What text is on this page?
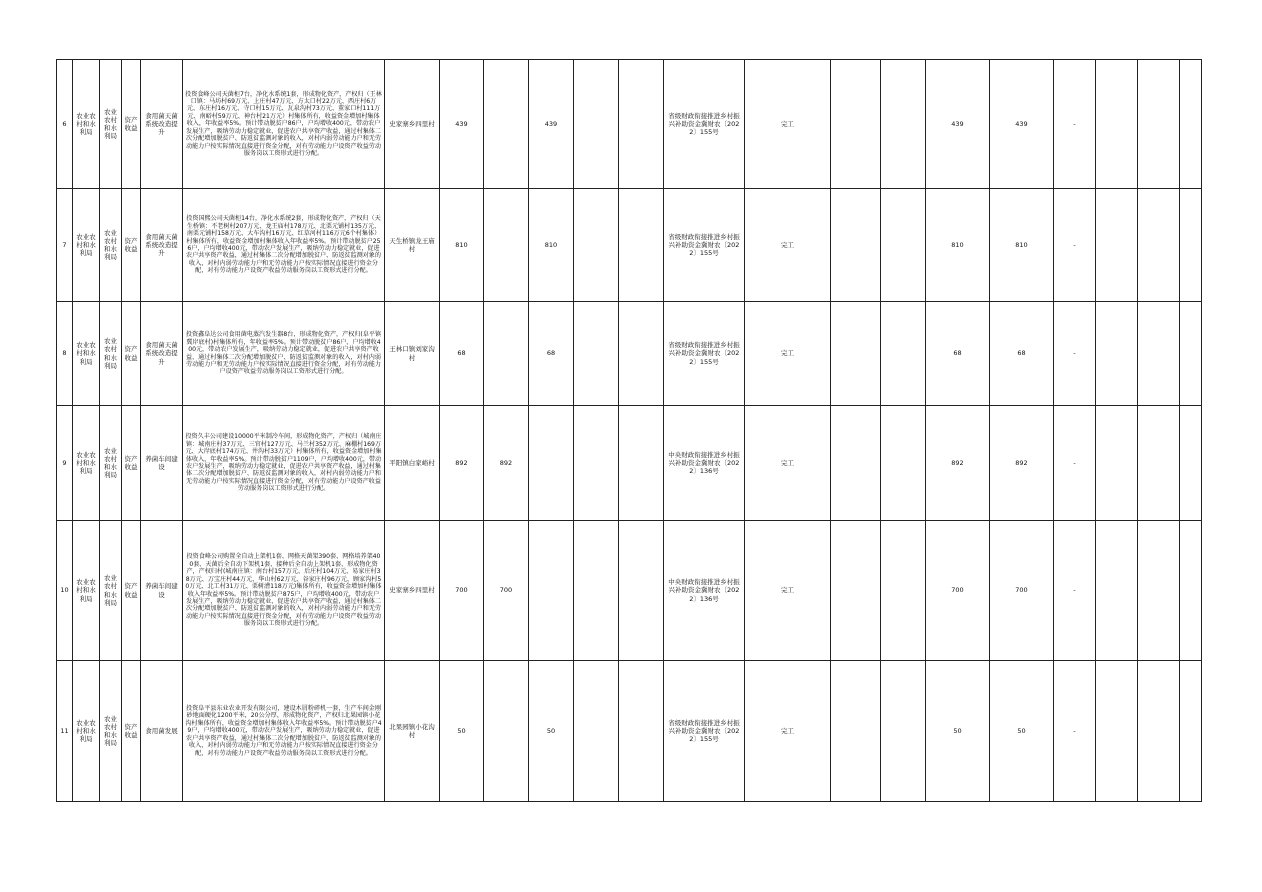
6	农业农村和水利局	农业农村和水利局	资产收益	食用菌天菌系统改造提升	投资食峰公司天菌柜7台，净化水系统1套，形成物化资产，产权归（王林口镇：马坊村69万元、上庄村47万元、方太口村22万元、西庄村6万元、东庄村16万元、寺口村15万元、瓦泉沟村73万元、董家口村111万元、南峪村59万元、神台村21万元）村集体所有，收益资金增加村集体收入，年收益率5%。预计带动脱贫户86户，户均增收400元，带动农户发展生产，吸纳劳动力稳定就业，促进农户共享资产收益，通过村集体二次分配增加脱贫户、防返贫监测对象的收入，对村内弱劳动能力户和无劳动能力户按实际情况直接进行资金分配，对有劳动能力户设资产收益劳动服务岗以工资形式进行分配。	史家寨乡四里村	439		439			省级财政衔接推进乡村振兴补助资金冀财农〔2022〕155号	完工			439	439	-			
7	农业农村和水利局	农业农村和水利局	资产收益	食用菌天菌系统改造提升	投资国熙公司天菌柜14台，净化水系统2套，形成物化资产，产权归（天生桥镇：不老树村207万元、龙王庙村178万元、北栗元铺村135万元、南栗元铺村158万元、大车沟村16万元、红草河村116万元6个村集体）村集体所有，收益资金增加村集体收入年收益率5%。预计带动脱贫户256户，户均增收400元，带动农户发展生产，吸纳劳动力稳定就业，促进农户共享资产收益，通过村集体二次分配增加脱贫户、防返贫监测对象的收入，对村内弱劳动能力户和无劳动能力户按实际情况直接进行资金分配，对有劳动能力户设资产收益劳动服务岗以工资形式进行分配。	天生桥镇龙王庙村	810		810			省级财政衔接推进乡村振兴补助资金冀财农〔2022〕155号	完工			810	810	-			
8	农业农村和水利局	农业农村和水利局	资产收益	食用菌天菌系统改造提升	投资鑫阜达公司食用菌电蒸汽发生器8台，形成物化资产，产权归(阜平镇冀岸底村)村集体所有，年收益率5%。预计带动脱贫户86户，户均增收400元，带动农户发展生产，吸纳劳动力稳定就业，促进农户共享资产收益，通过村集体二次分配增加脱贫户、防返贫监测对象的收入，对村内弱劳动能力户和无劳动能力户按实际情况直接进行资金分配，对有劳动能力户设资产收益劳动服务岗以工资形式进行分配。	王林口镇刘家沟村	68		68			省级财政衔接推进乡村振兴补助资金冀财农〔2022〕155号	完工			68	68	-			
9	农业农村和水利局	农业农村和水利局	资产收益	养菌车间建设	投资久丰公司建设10000平米制冷车间，形成物化资产，产权归（城南庄镇：城南庄村37万元、三官村127万元、马兰村352万元、麻棚村169万元、大岸底村174万元、井沟村33万元）村集体所有，收益资金增加村集体收入，年收益率5%。预计带动脱贫户1109户，户均增收400元，带动农户发展生产，吸纳劳动力稳定就业，促进农户共享资产收益，通过村集体二次分配增加脱贫户、防返贫监测对象的收入，对村内弱劳动能力户和无劳动能力户按实际情况直接进行资金分配，对有劳动能力户设资产收益劳动服务岗以工资形式进行分配。	平阳镇白家峪村	892	892				中央财政衔接推进乡村振兴补助资金冀财农〔2022〕136号	完工			892	892	-			
10	农业农村和水利局	农业农村和水利局	资产收益	养菌车间建设	投资食峰公司购置全自动上架机1套、网格天菌架390套、网格培养架400套、天菌后全自动下架机1套、接种后全自动上架机1套，形成物化资产，产权归村(城南庄镇：南台村157万元、后庄村104万元、易家庄村38万元、万宝庄村44万元、华山村62万元、谷家庄村96万元、顾家沟村50万元、北工村31万元、栗树漕118万元)集体所有，收益资金增加村集体收入年收益率5%。预计带动脱贫户875户，户均增收400元，带动农户发展生产，吸纳劳动力稳定就业，促进农户共享资产收益，通过村集体二次分配增加脱贫户、防返贫监测对象的收入，对村内弱劳动能力户和无劳动能力户按实际情况直接进行资金分配，对有劳动能力户设资产收益劳动服务岗以工资形式进行分配。	史家寨乡四里村	700	700				中央财政衔接推进乡村振兴补助资金冀财农〔2022〕136号	完工			700	700	-			
11	农业农村和水利局	农业农村和水利局	资产收益	食用菌发展	投资阜平县东业农业开发有限公司，建设木屑粉碎机一套，生产车间金刚砂地面硬化1200平米，20公分厚，形成物化资产，产权归北果园镇小花沟村集体所有，收益资金增加村集体收入年收益率5%。预计带动脱贫户49户，户均增收400元，带动农户发展生产，吸纳劳动力稳定就业，促进农户共享资产收益，通过村集体二次分配增加脱贫户、防返贫监测对象的收入，对村内弱劳动能力户和无劳动能力户按实际情况直接进行资金分配，对有劳动能力户设资产收益劳动服务岗以工资形式进行分配。	北果园镇小花沟村	50		50			省级财政衔接推进乡村振兴补助资金冀财农〔2022〕155号	完工			50	50	-			
